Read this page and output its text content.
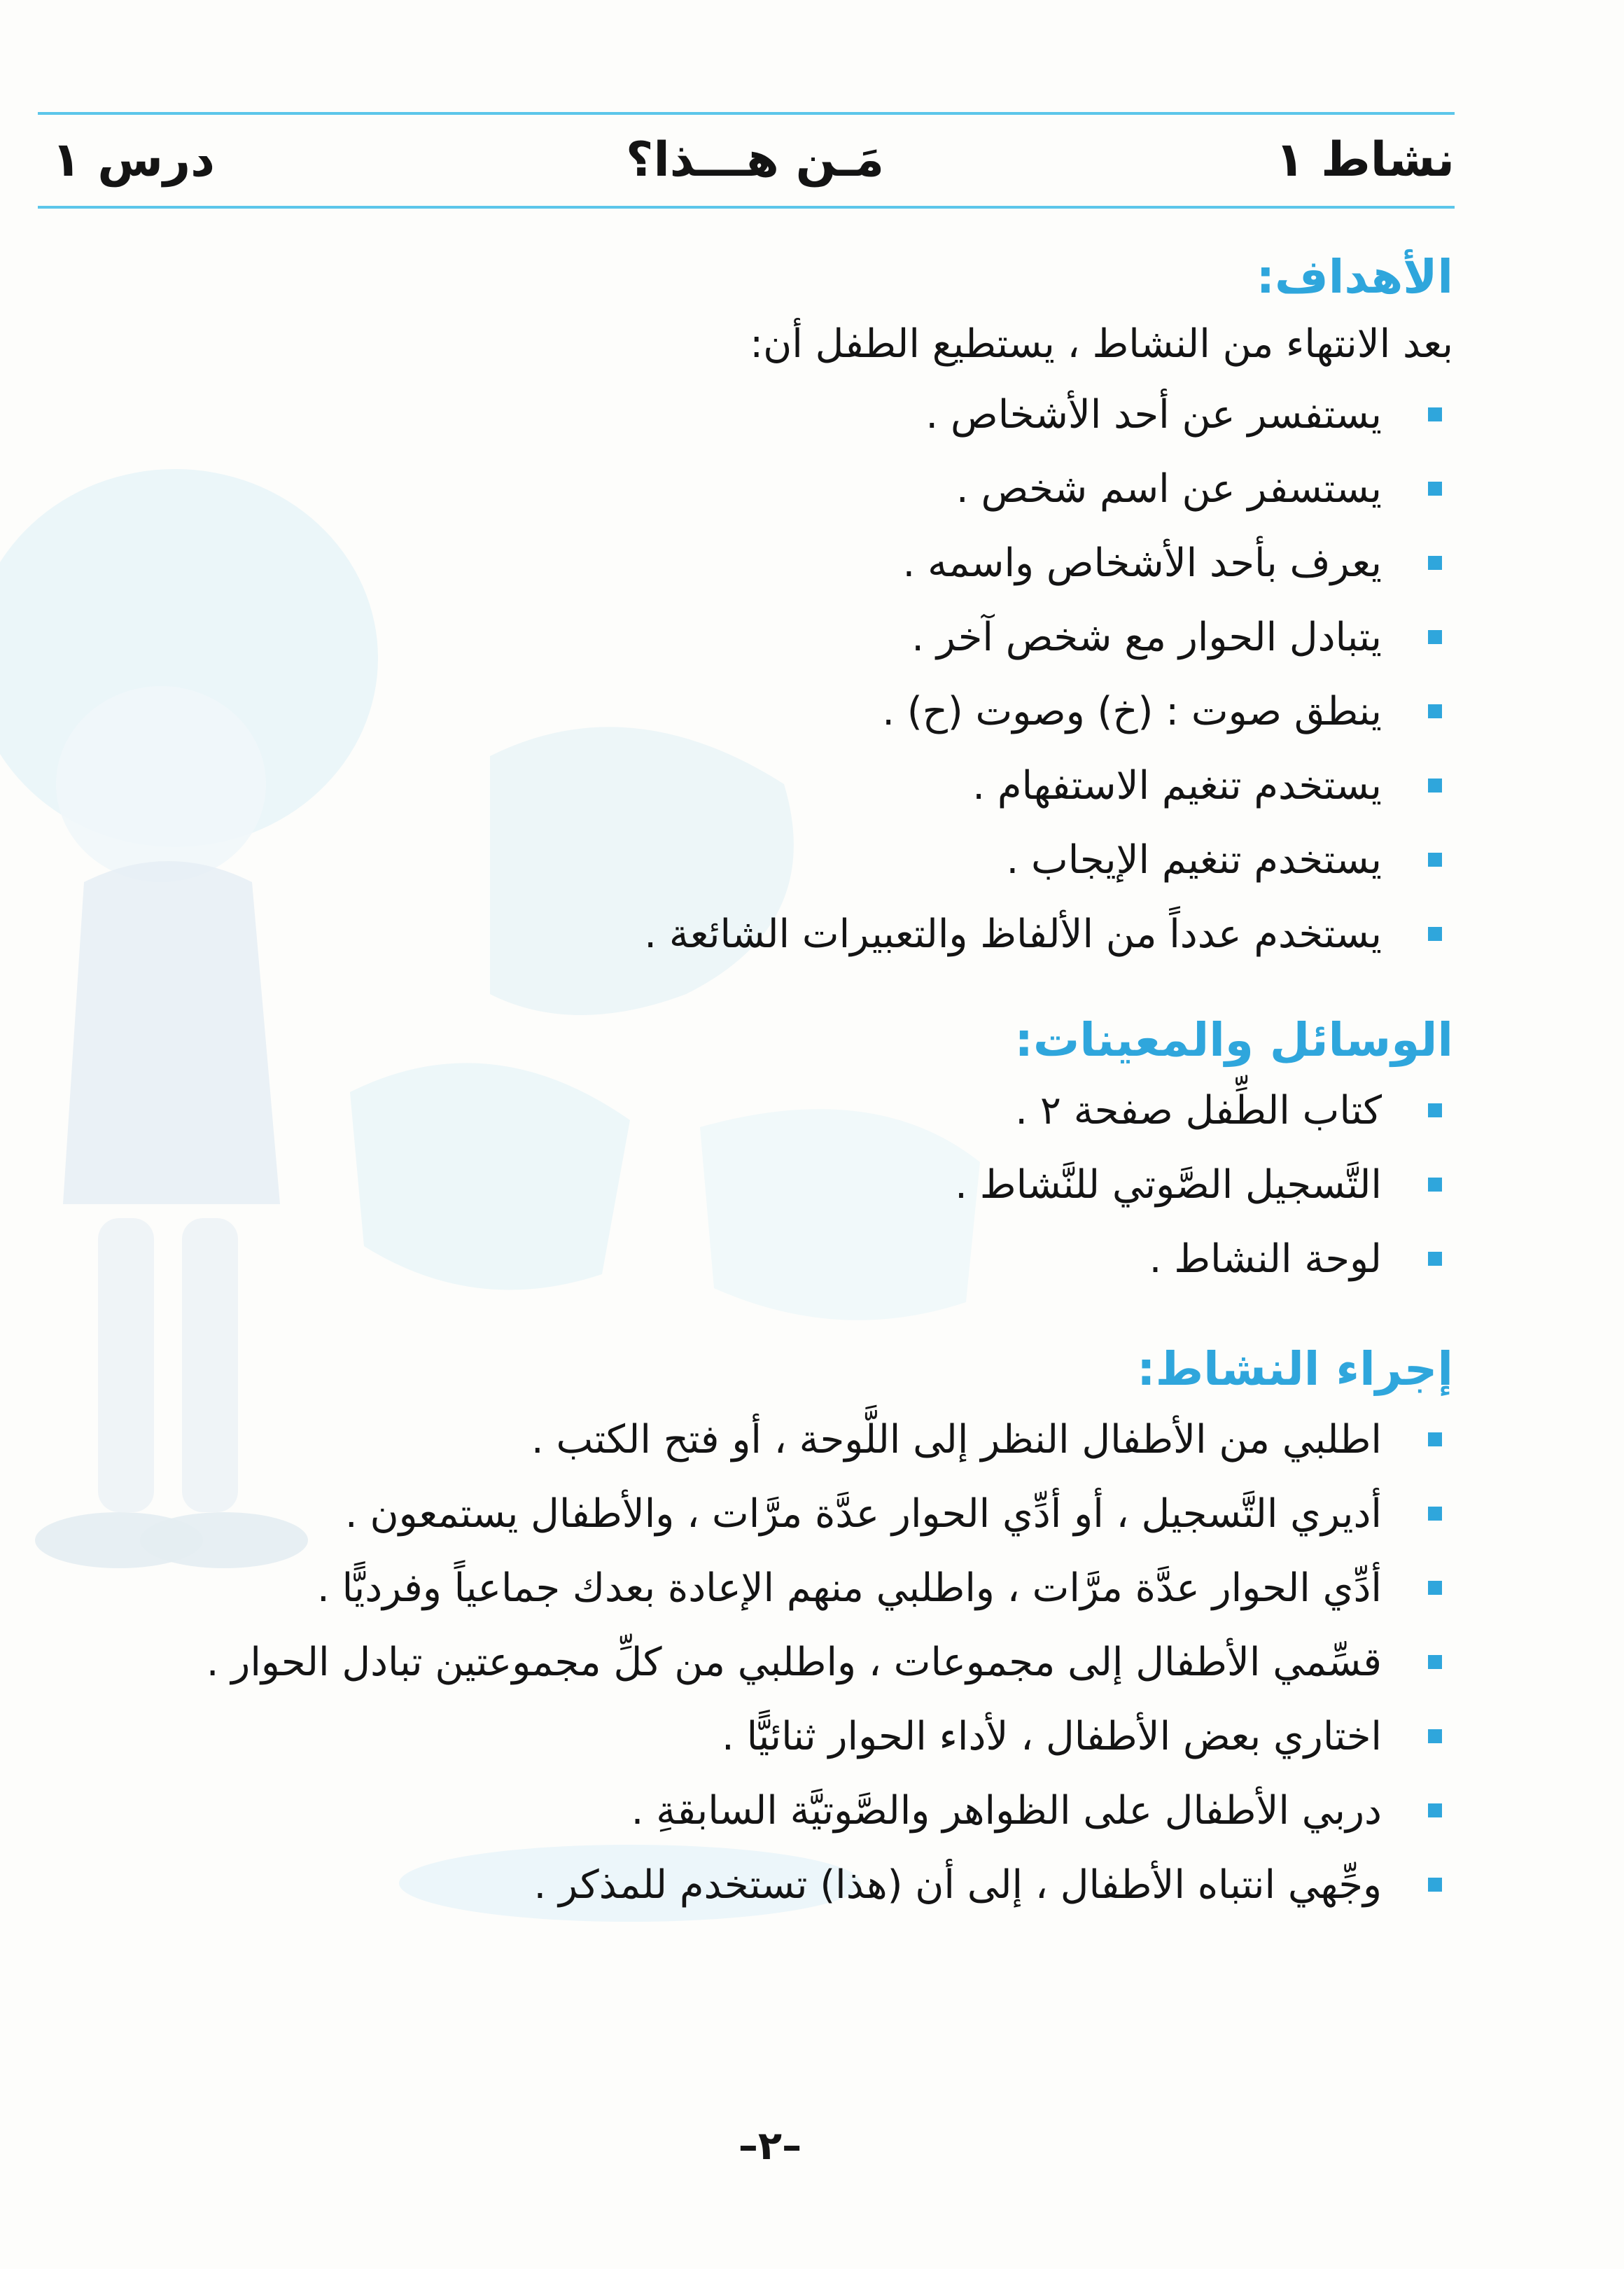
نشاط ١
مَـن هـــذا؟
درس ١
الأهداف:

بعد الانتهاء من النشاط ، يستطيع الطفل أن:

يستفسر عن أحد الأشخاص .
يستسفر عن اسم شخص .
يعرف بأحد الأشخاص واسمه .
يتبادل الحوار مع شخص آخر .
ينطق صوت : (خ) وصوت (ح) .
يستخدم تنغيم الاستفهام .
يستخدم تنغيم الإيجاب .
يستخدم عدداً من الألفاظ والتعبيرات الشائعة .
الوسائل والمعينات:
كتاب الطِّفل صفحة ٢ .
التَّسجيل الصَّوتي للنَّشاط .
لوحة النشاط .
إجراء النشاط:
اطلبي من الأطفال النظر إلى اللَّوحة ، أو فتح الكتب .
أديري التَّسجيل ، أو أدِّي الحوار عدَّة مرَّات ، والأطفال يستمعون .
أدِّي الحوار عدَّة مرَّات ، واطلبي منهم الإعادة بعدك جماعياً وفرديًّا .
قسِّمي الأطفال إلى مجموعات ، واطلبي من كلِّ مجموعتين تبادل الحوار .
اختاري بعض الأطفال ، لأداء الحوار ثنائيًّا .
دربي الأطفال على الظواهر والصَّوتيَّة السابقةِ .
وجِّهي انتباه الأطفال ، إلى أن (هذا) تستخدم للمذكر .
–٢–
